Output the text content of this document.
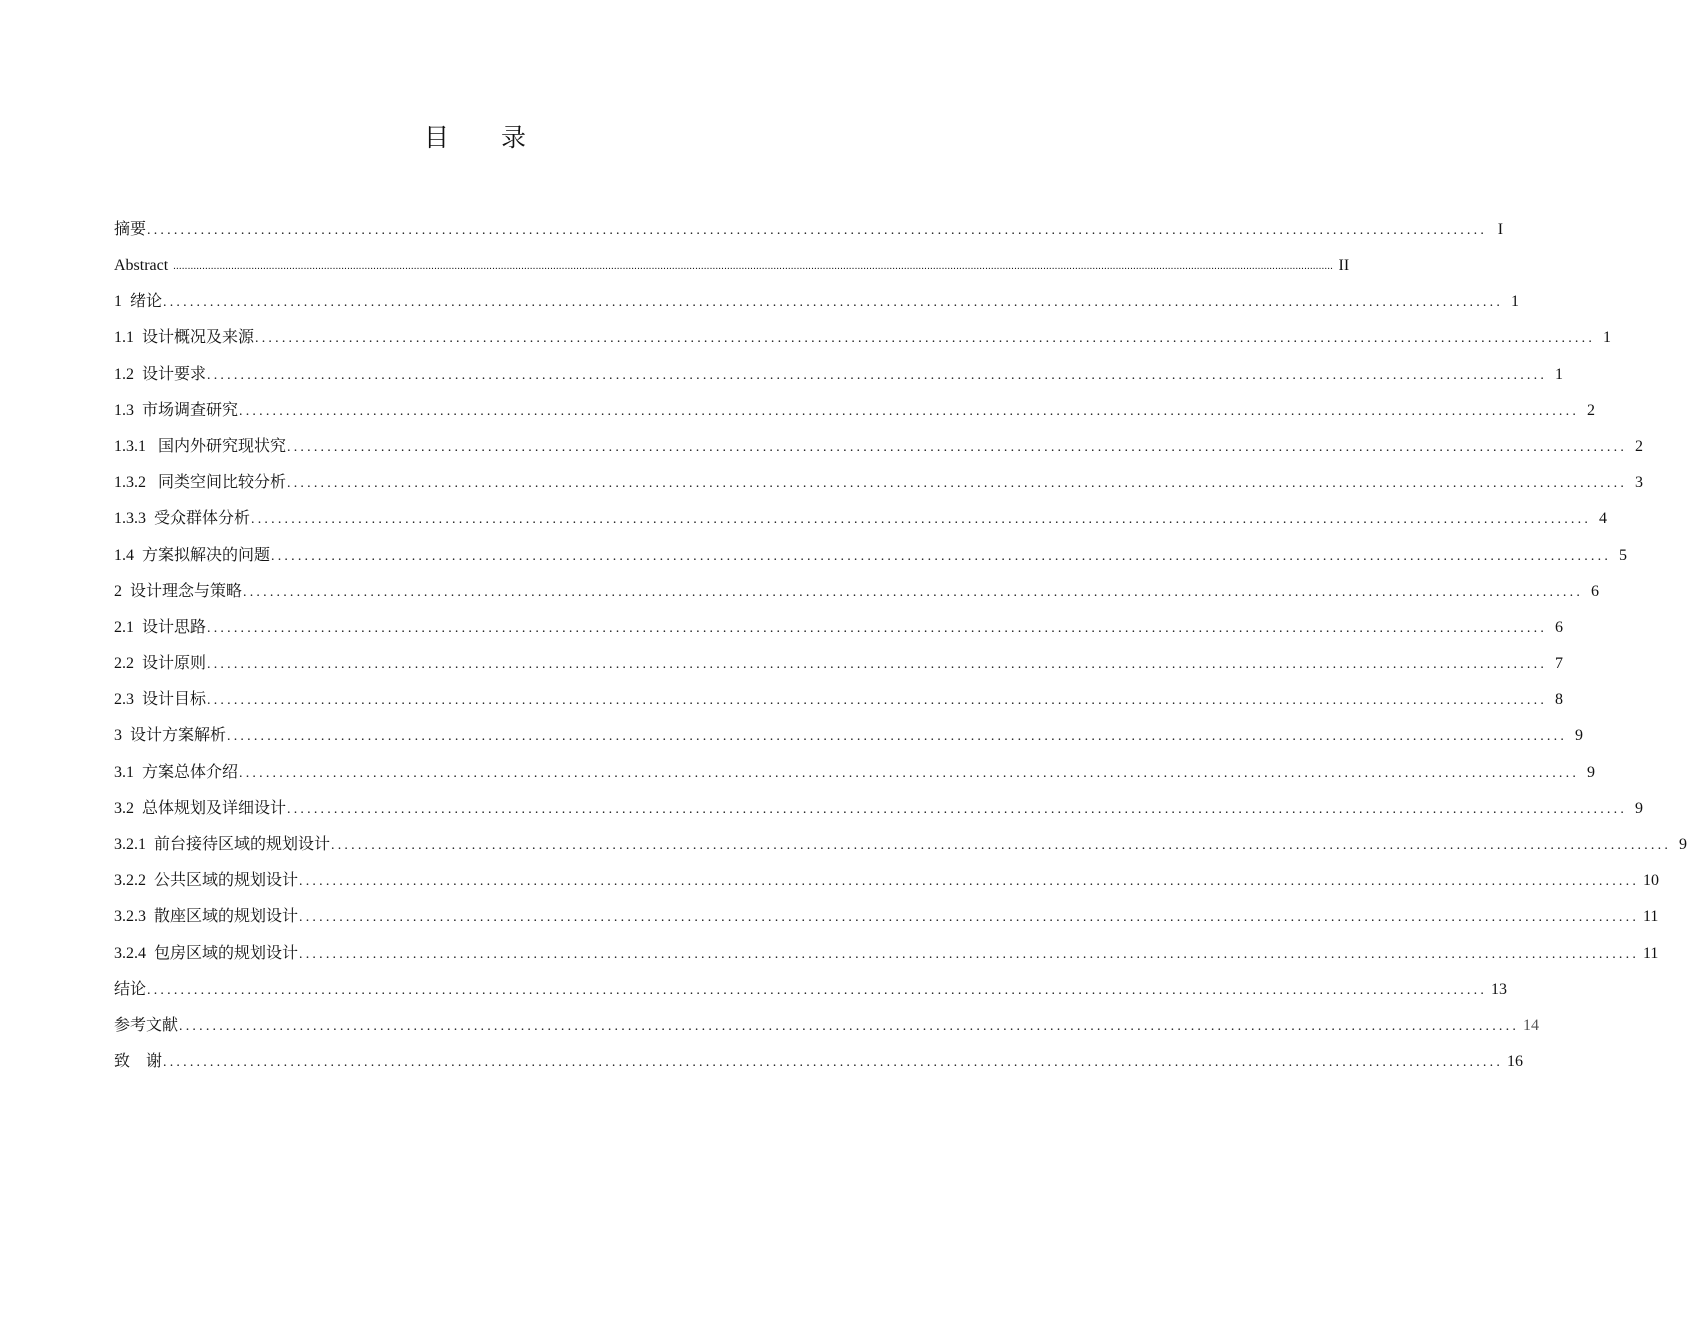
目 录
摘要 ........................................................................................................................................................................................................ I
Abstract ................................................................................................................................................................................................................................................................................................................................................................................................................ II
1  绪论 ........................................................................................................................................................................................................ 1
1.1  设计概况及来源 ........................................................................................................................................................................................................ 1
1.2  设计要求 ........................................................................................................................................................................................................ 1
1.3  市场调查研究 ........................................................................................................................................................................................................ 2
1.3.1   国内外研究现状究 ........................................................................................................................................................................................................ 2
1.3.2   同类空间比较分析 ........................................................................................................................................................................................................ 3
1.3.3  受众群体分析 ........................................................................................................................................................................................................ 4
1.4  方案拟解决的问题 ........................................................................................................................................................................................................ 5
2  设计理念与策略 ........................................................................................................................................................................................................ 6
2.1  设计思路 ........................................................................................................................................................................................................ 6
2.2  设计原则 ........................................................................................................................................................................................................ 7
2.3  设计目标 ........................................................................................................................................................................................................ 8
3  设计方案解析 ........................................................................................................................................................................................................ 9
3.1  方案总体介绍 ........................................................................................................................................................................................................ 9
3.2  总体规划及详细设计 ........................................................................................................................................................................................................ 9
3.2.1  前台接待区域的规划设计 ........................................................................................................................................................................................................ 9
3.2.2  公共区域的规划设计 ........................................................................................................................................................................................................ 10
3.2.3  散座区域的规划设计 ........................................................................................................................................................................................................ 11
3.2.4  包房区域的规划设计 ........................................................................................................................................................................................................ 11
结论 ........................................................................................................................................................................................................ 13
参考文献 ........................................................................................................................................................................................................ 14
致    谢 ........................................................................................................................................................................................................ 16
